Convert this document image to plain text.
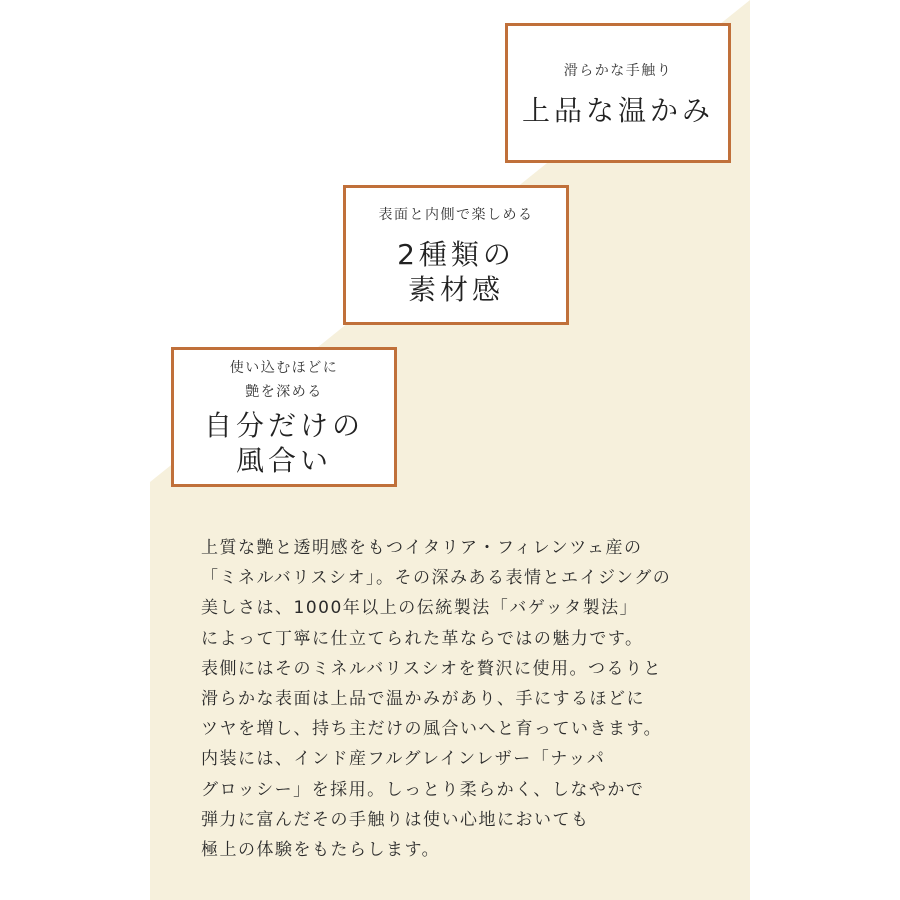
滑らかな手触り
上品な温かみ
表面と内側で楽しめる
2種類の
素材感
使い込むほどに
艶を深める
自分だけの
風合い
上質な艶と透明感をもつイタリア・フィレンツェ産の
「ミネルバリスシオ」。その深みある表情とエイジングの
美しさは、1000年以上の伝統製法「バゲッタ製法」
によって丁寧に仕立てられた革ならではの魅力です。
表側にはそのミネルバリスシオを贅沢に使用。つるりと
滑らかな表面は上品で温かみがあり、手にするほどに
ツヤを増し、持ち主だけの風合いへと育っていきます。
内装には、インド産フルグレインレザー「ナッパ
グロッシー」を採用。しっとり柔らかく、しなやかで
弾力に富んだその手触りは使い心地においても
極上の体験をもたらします。
